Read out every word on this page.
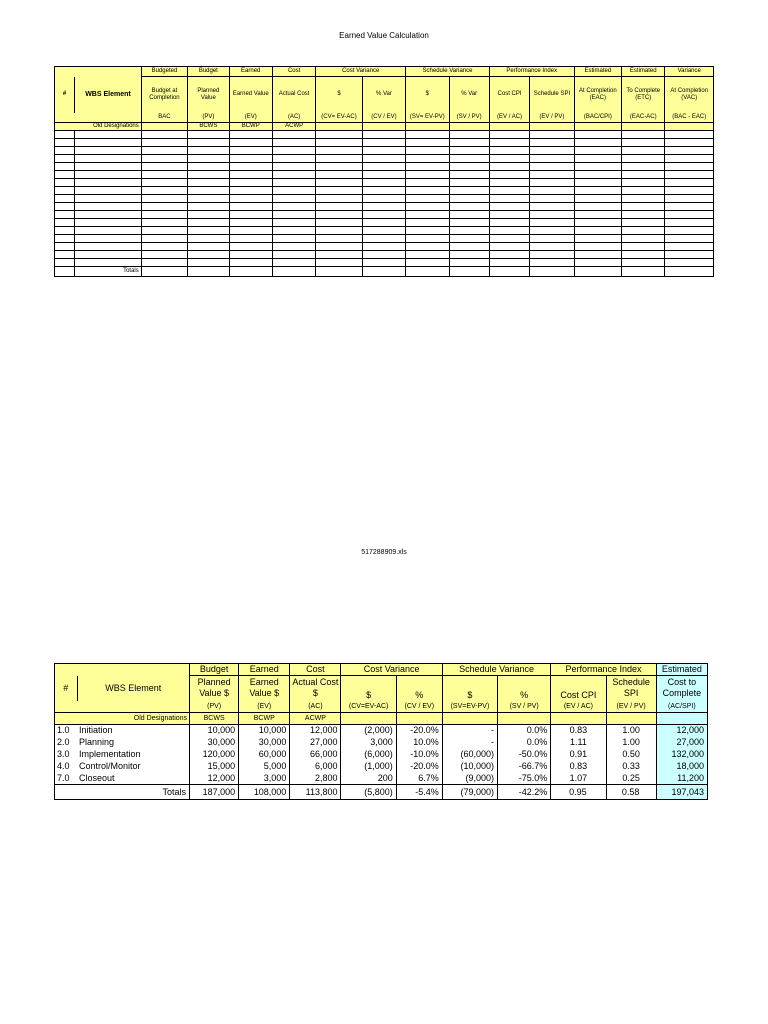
Earned Value Calculation
		Budgeted	Budget	Earned	Cost	Cost Variance		Schedule Variance		Performance Index		Estimated	Estimated	Variance
#	WBS Element	Budget at Completion	Planned Value	Earned Value	Actual Cost	$	% Var	$	% Var	Cost CPI	Schedule SPI	At Completion (EAC)	To Complete (ETC)	At Completion (VAC)
		BAC	(PV)	(EV)	(AC)	(CV= EV-AC)	(CV / EV)	(SV= EV-PV)	(SV / PV)	(EV / AC)	(EV / PV)	(BAC/CPI)	(EAC-AC)	(BAC - EAC)
Old Designations			BCWS	BCWP	ACWP									

	Totals													
517288909.xls
		Budget	Earned	Cost	Cost Variance		Schedule Variance		Performance Index		Estimated
#	WBS Element	Planned Value $	Earned Value $	Actual Cost $	$	%	$	%	Cost CPI	Schedule SPI	Cost to Complete
		(PV)	(EV)	(AC)	(CV=EV-AC)	(CV / EV)	(SV=EV-PV)	(SV / PV)	(EV / AC)	(EV / PV)	(AC/SPI)
Old Designations		BCWS	BCWP	ACWP							
1.0	Initiation	10,000	10,000	12,000	(2,000)	-20.0%	-	0.0%	0.83	1.00	12,000
2.0	Planning	30,000	30,000	27,000	3,000	10.0%	-	0.0%	1.11	1.00	27,000
3.0	Implementation	120,000	60,000	66,000	(6,000)	-10.0%	(60,000)	-50.0%	0.91	0.50	132,000
4.0	Control/Monitor	15,000	5,000	6,000	(1,000)	-20.0%	(10,000)	-66.7%	0.83	0.33	18,000
7.0	Closeout	12,000	3,000	2,800	200	6.7%	(9,000)	-75.0%	1.07	0.25	11,200
	Totals	187,000	108,000	113,800	(5,800)	-5.4%	(79,000)	-42.2%	0.95	0.58	197,043
